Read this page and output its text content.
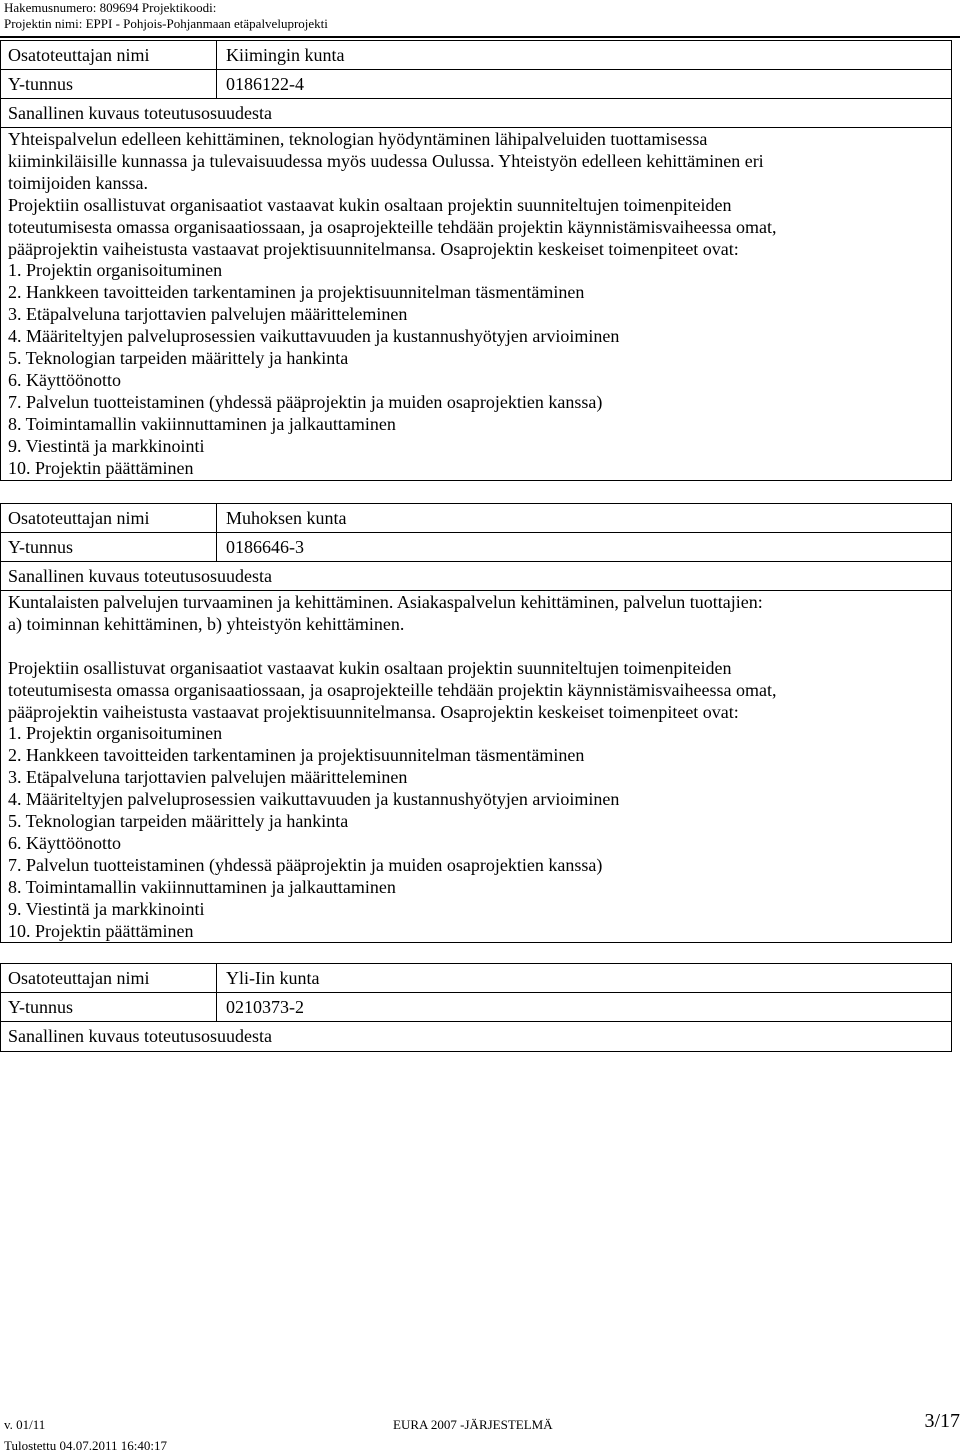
Hakemusnumero: 809694 Projektikoodi:
Projektin nimi: EPPI - Pohjois-Pohjanmaan etäpalveluprojekti
Osatoteuttajan nimi	Kiimingin kunta
Y-tunnus	0186122-4
Sanallinen kuvaus toteutusosuudesta

Yhteispalvelun edelleen kehittäminen, teknologian hyödyntäminen lähipalveluiden tuottamisessa

kiiminkiläisille kunnassa ja tulevaisuudessa myös uudessa Oulussa. Yhteistyön edelleen kehittäminen eri

toimijoiden kanssa.

Projektiin osallistuvat organisaatiot vastaavat kukin osaltaan projektin suunniteltujen toimenpiteiden

toteutumisesta omassa organisaatiossaan, ja osaprojekteille tehdään projektin käynnistämisvaiheessa omat,

pääprojektin vaiheistusta vastaavat projektisuunnitelmansa. Osaprojektin keskeiset toimenpiteet ovat:

1. Projektin organisoituminen

2. Hankkeen tavoitteiden tarkentaminen ja projektisuunnitelman täsmentäminen

3. Etäpalveluna tarjottavien palvelujen määritteleminen

4. Määriteltyjen palveluprosessien vaikuttavuuden ja kustannushyötyjen arvioiminen

5. Teknologian tarpeiden määrittely ja hankinta

6. Käyttöönotto

7. Palvelun tuotteistaminen (yhdessä pääprojektin ja muiden osaprojektien kanssa)

8. Toimintamallin vakiinnuttaminen ja jalkauttaminen

9. Viestintä ja markkinointi

10. Projektin päättäminen

Osatoteuttajan nimi	Muhoksen kunta
Y-tunnus	0186646-3
Sanallinen kuvaus toteutusosuudesta

Kuntalaisten palvelujen turvaaminen ja kehittäminen. Asiakaspalvelun kehittäminen, palvelun tuottajien:

a) toiminnan kehittäminen, b) yhteistyön kehittäminen.

Projektiin osallistuvat organisaatiot vastaavat kukin osaltaan projektin suunniteltujen toimenpiteiden

toteutumisesta omassa organisaatiossaan, ja osaprojekteille tehdään projektin käynnistämisvaiheessa omat,

pääprojektin vaiheistusta vastaavat projektisuunnitelmansa. Osaprojektin keskeiset toimenpiteet ovat:

1. Projektin organisoituminen

2. Hankkeen tavoitteiden tarkentaminen ja projektisuunnitelman täsmentäminen

3. Etäpalveluna tarjottavien palvelujen määritteleminen

4. Määriteltyjen palveluprosessien vaikuttavuuden ja kustannushyötyjen arvioiminen

5. Teknologian tarpeiden määrittely ja hankinta

6. Käyttöönotto

7. Palvelun tuotteistaminen (yhdessä pääprojektin ja muiden osaprojektien kanssa)

8. Toimintamallin vakiinnuttaminen ja jalkauttaminen

9. Viestintä ja markkinointi

10. Projektin päättäminen

Osatoteuttajan nimi	Yli-Iin kunta
Y-tunnus	0210373-2
Sanallinen kuvaus toteutusosuudesta
v. 01/11	EURA 2007 -JÄRJESTELMÄ	3/17
Tulostettu 04.07.2011 16:40:17
